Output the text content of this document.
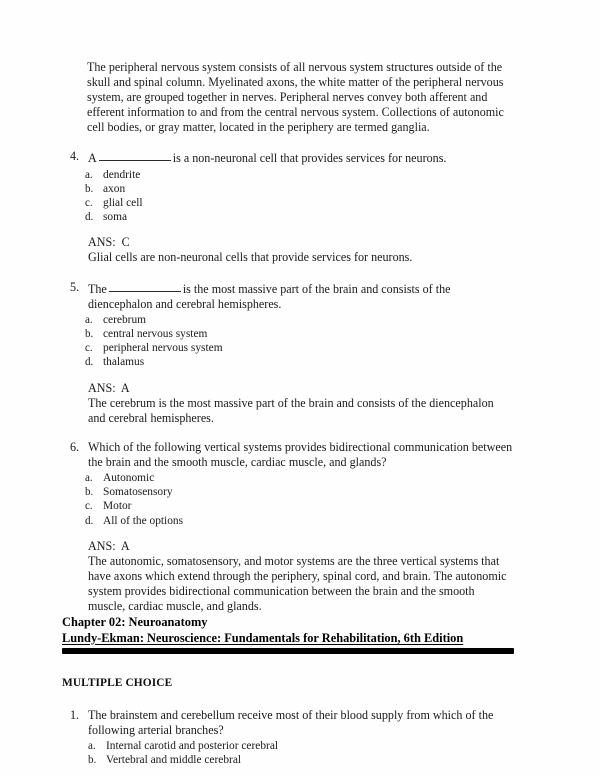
The peripheral nervous system consists of all nervous system structures outside of the skull and spinal column. Myelinated axons, the white matter of the peripheral nervous system, are grouped together in nerves. Peripheral nerves convey both afferent and efferent information to and from the central nervous system. Collections of autonomic cell bodies, or gray matter, located in the periphery are termed ganglia.

4. A	is a non-neuronal cell that provides services for neurons.
a. dendrite
b. axon
c. glial cell
d. soma
ANS:  C
Glial cells are non-neuronal cells that provide services for neurons.
5. The	is the most massive part of the brain and consists of the diencephalon and cerebral hemispheres.
a. cerebrum
b. central nervous system
c. peripheral nervous system
d. thalamus
ANS:  A
The cerebrum is the most massive part of the brain and consists of the diencephalon and cerebral hemispheres.
6. Which of the following vertical systems provides bidirectional communication between the brain and the smooth muscle, cardiac muscle, and glands?
a. Autonomic
b. Somatosensory
c. Motor
d. All of the options
ANS:  A
The autonomic, somatosensory, and motor systems are the three vertical systems that have axons which extend through the periphery, spinal cord, and brain. The autonomic system provides bidirectional communication between the brain and the smooth muscle, cardiac muscle, and glands.
Chapter 02: Neuroanatomy
Lundy-Ekman: Neuroscience: Fundamentals for Rehabilitation, 6th Edition
MULTIPLE CHOICE
1. The brainstem and cerebellum receive most of their blood supply from which of the following arterial branches?
a. Internal carotid and posterior cerebral
b. Vertebral and middle cerebral
